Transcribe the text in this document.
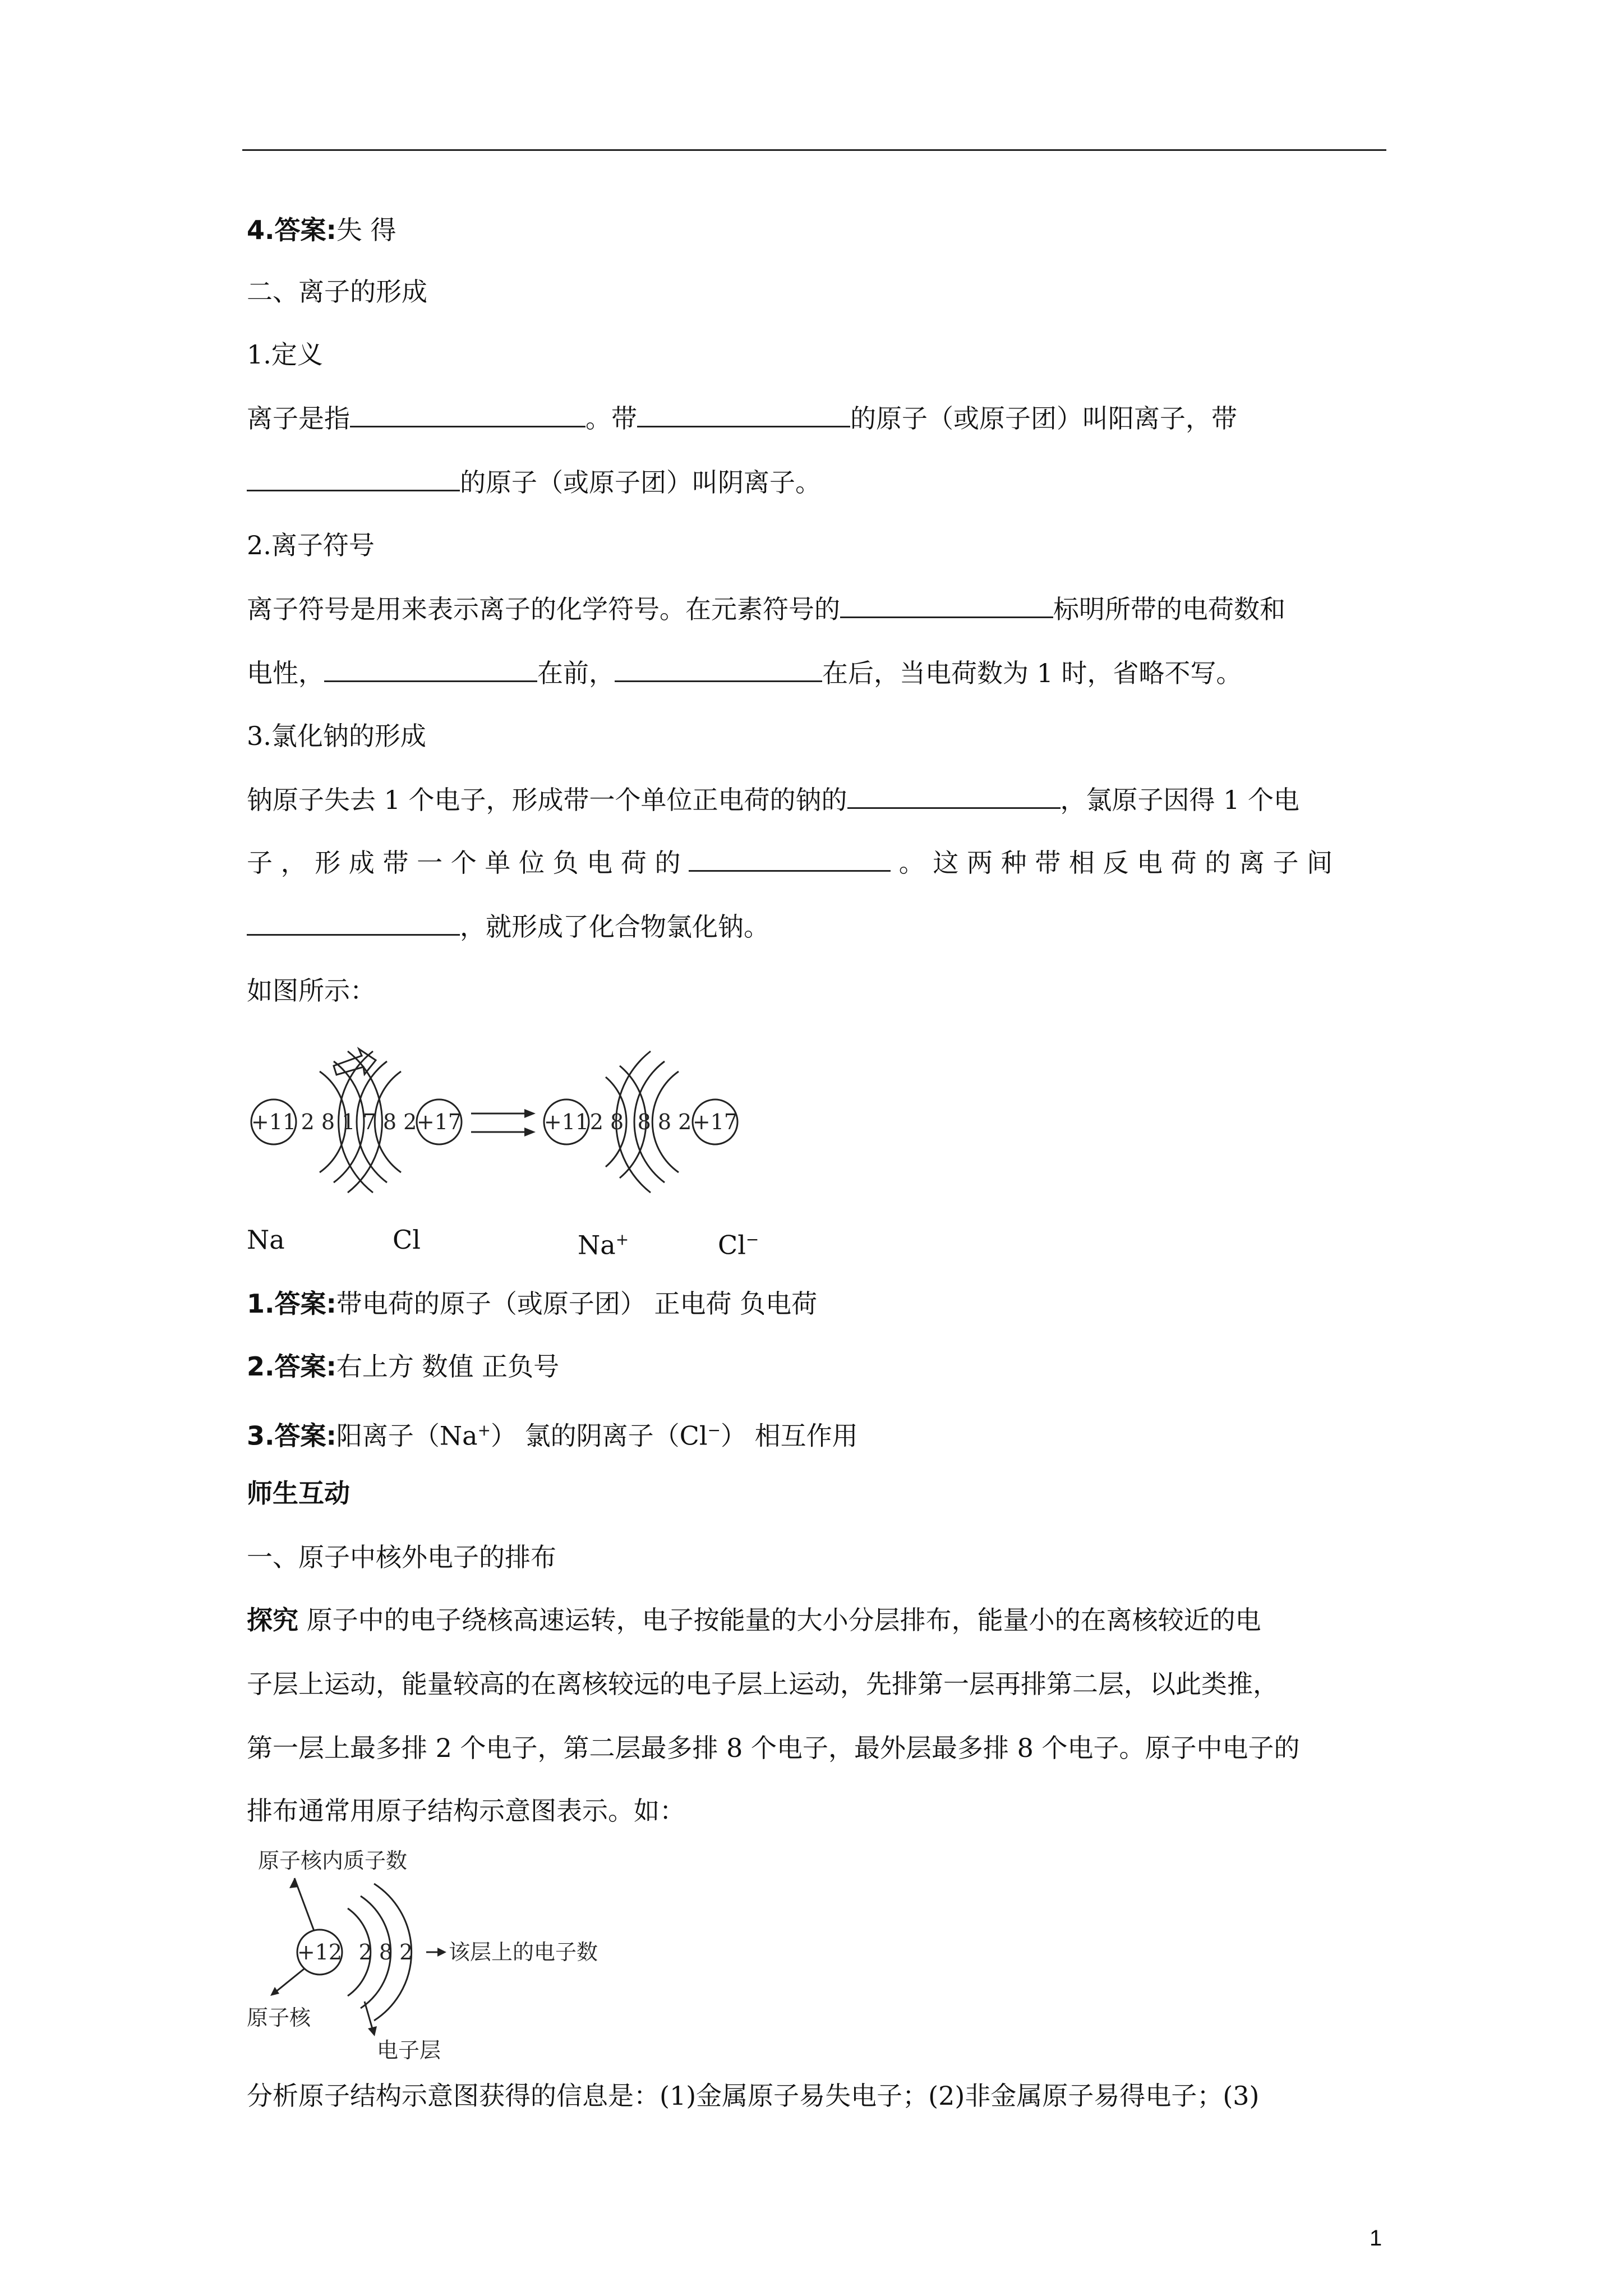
4.答案:失 得
二、离子的形成
1.定义
离子是指	。带	的原子（或原子团）叫阳离子，带
的原子（或原子团）叫阴离子。
2.离子符号
离子符号是用来表示离子的化学符号。在元素符号的	标明所带的电荷数和
电性，	在前，	在后，当电荷数为 1 时，省略不写。
3.氯化钠的形成
钠原子失去 1 个电子，形成带一个单位正电荷的钠的	，氯原子因得 1 个电
子 ， 形 成 带 一 个 单 位 负 电 荷 的	。 这 两 种 带 相 反 电 荷 的 离 子 间
，就形成了化合物氯化钠。
如图所示：
+11 2 8 1 7 8 2 +17	+11 2 8 8 8 2 +17
Na	Cl	Na+	Cl−
1.答案:带电荷的原子（或原子团） 正电荷 负电荷
2.答案:右上方 数值 正负号
3.答案:阳离子（Na+） 氯的阴离子（Cl−） 相互作用
师生互动
一、原子中核外电子的排布
探究 原子中的电子绕核高速运转，电子按能量的大小分层排布，能量小的在离核较近的电
子层上运动，能量较高的在离核较远的电子层上运动，先排第一层再排第二层，以此类推，
第一层上最多排 2 个电子，第二层最多排 8 个电子，最外层最多排 8 个电子。原子中电子的
排布通常用原子结构示意图表示。如：
+12 2 8 2
原子核内质子数
该层上的电子数
原子核
电子层
分析原子结构示意图获得的信息是：(1)金属原子易失电子；(2)非金属原子易得电子；(3)
1
